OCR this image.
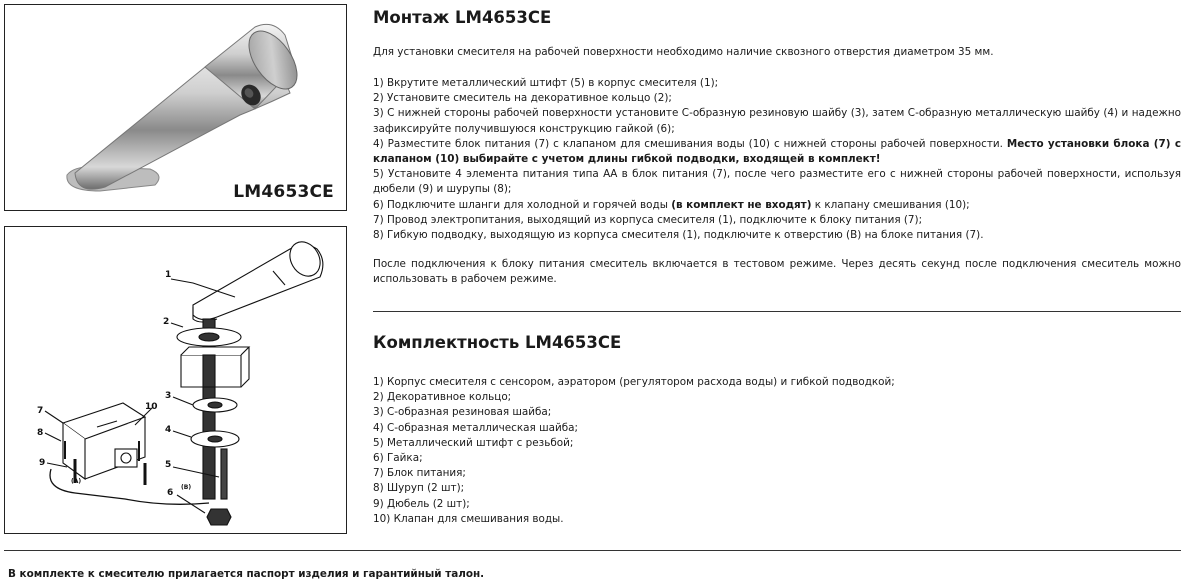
LM4653CE
1
2
3
4
5
6
7
8
9
10
(B)
(A)
Монтаж LM4653CE

Для установки смесителя на рабочей поверхности необходимо наличие сквозного отверстия диаметром 35 мм.

1) Вкрутите металлический штифт (5) в корпус смесителя (1);

2) Установите смеситель на декоративное кольцо (2);

3) С нижней стороны рабочей поверхности установите С-образную резиновую шайбу (3), затем С-образную металлическую шайбу (4) и надежно зафиксируйте получившуюся конструкцию гайкой (6);

4) Разместите блок питания (7) с клапаном для смешивания воды (10) с нижней стороны рабочей поверхности. Место установки блока (7) с клапаном (10) выбирайте с учетом длины гибкой подводки, входящей в комплект!

5) Установите 4 элемента питания типа АА в блок питания (7), после чего разместите его с нижней стороны рабочей поверхности, используя дюбели (9) и шурупы (8);

6) Подключите шланги для холодной и горячей воды (в комплект не входят) к клапану смешивания (10);

7) Провод электропитания, выходящий из корпуса смесителя (1), подключите к блоку питания (7);

8) Гибкую подводку, выходящую из корпуса смесителя (1), подключите к отверстию (B) на блоке питания (7).

После подключения к блоку питания смеситель включается в тестовом режиме. Через десять секунд после подключения смеситель можно использовать в рабочем режиме.

Комплектность LM4653CE

1) Корпус смесителя с сенсором, аэратором (регулятором расхода воды) и гибкой подводкой;

2) Декоративное кольцо;

3) С-образная резиновая шайба;

4) С-образная металлическая шайба;

5) Металлический штифт с резьбой;

6) Гайка;

7) Блок питания;

8) Шуруп (2 шт);

9) Дюбель (2 шт);

10) Клапан для смешивания воды.

В комплекте к смесителю прилагается паспорт изделия и гарантийный талон.
